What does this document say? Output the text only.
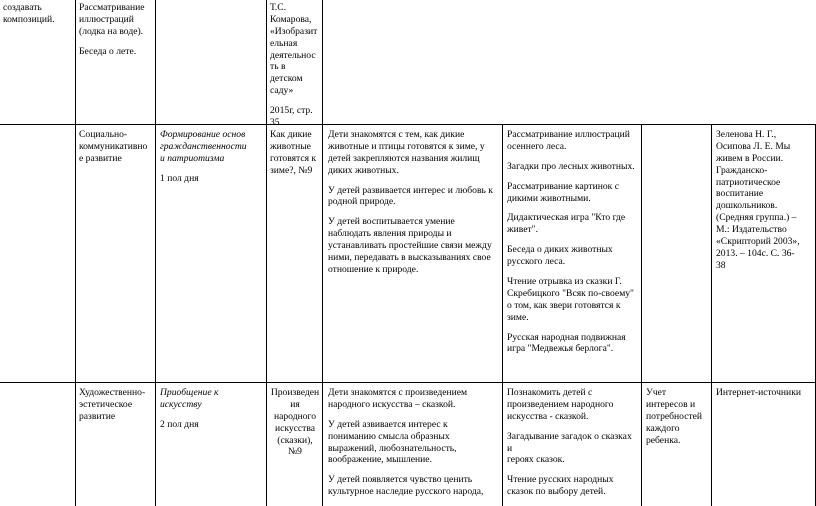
создавать
композиций.

Рассматривание
иллюстраций
(лодка на воде).

Беседа о лете.

Т.С.
Комарова,
«Изобразит
ельная
деятельнос
ть в
детском
саду»

2015г, стр.
35

Социально-
коммуникативно
е развитие

Формирование основ
гражданственности
и патриотизма

1 пол дня

Как дикие
животные
готовятся к
зиме?, №9

Дети знакомятся с тем, как дикие
животные и птицы готовятся к зиме, у
детей закрепляются названия жилищ
диких животных.

У детей развивается интерес и любовь к
родной природе.

У детей воспитывается умение
наблюдать явления природы и
устанавливать простейшие связи между
ними, передавать в высказываниях свое
отношение к природе.

Рассматривание иллюстраций
осеннего леса.

Загадки про лесных животных.

Рассматривание картинок с
дикими животными.

Дидактическая игра "Кто где
живет".

Беседа о диких животных
русского леса.

Чтение отрывка из сказки Г.
Скребицкого "Всяк по-своему"
о том, как звери готовятся к
зиме.

Русская народная подвижная
игра "Медвежья берлога".

Зеленова Н. Г.,
Осипова Л. Е. Мы
живем в России.
Гражданско-
патриотическое
воспитание
дошкольников.
(Средняя группа.) –
М.: Издательство
«Скрипторий 2003»,
2013. – 104с. С. 36-
38
Художественно-
эстетическое
развитие

Приобщение к
искусству

2 пол дня

Произведен
ия
народного
искусства
(сказки),
№9

Дети знакомятся с произведением
народного искусства – сказкой.

У детей азвивается интерес к
пониманию смысла образных
выражений, любознательность,
воображение, мышление.

У детей появляется чувство ценить
культурное наследие русского народа,

Познакомить детей с
произведением народного
искусства - сказкой.

Загадывание загадок о сказках и
героях сказок.

Чтение русских народных
сказок по выбору детей.

Учет
интересов и
потребностей
каждого
ребенка.
Интернет-источники
